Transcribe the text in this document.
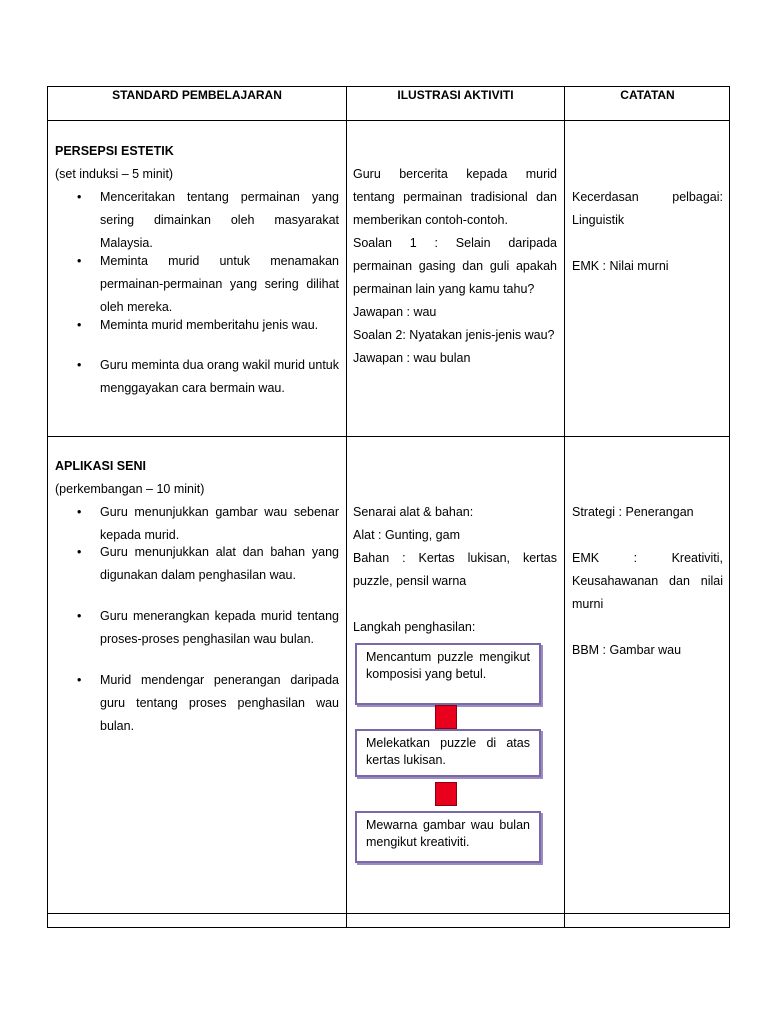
STANDARD PEMBELAJARAN	ILUSTRASI AKTIVITI	CATATAN
PERSEPSI ESTETIK
(set induksi – 5 minit)
• Menceritakan tentang permainan yang sering dimainkan oleh masyarakat Malaysia.
• Meminta murid untuk menamakan permainan-permainan yang sering dilihat oleh mereka.
• Meminta murid memberitahu jenis wau.
• Guru meminta dua orang wakil murid untuk menggayakan cara bermain wau.
Guru bercerita kepada murid tentang permainan tradisional dan memberikan contoh-contoh.
Soalan 1 : Selain daripada permainan gasing dan guli apakah permainan lain yang kamu tahu?
Jawapan : wau
Soalan 2: Nyatakan jenis-jenis wau?
Jawapan : wau bulan
Kecerdasan pelbagai: Linguistik
EMK : Nilai murni
APLIKASI SENI
(perkembangan – 10 minit)
• Guru menunjukkan gambar wau sebenar kepada murid.
• Guru menunjukkan alat dan bahan yang digunakan dalam penghasilan wau.
• Guru menerangkan kepada murid tentang proses-proses penghasilan wau bulan.
• Murid mendengar penerangan daripada guru tentang proses penghasilan wau bulan.
Senarai alat & bahan:
Alat : Gunting, gam
Bahan : Kertas lukisan, kertas puzzle, pensil warna
Langkah penghasilan:
Mencantum puzzle mengikut komposisi yang betul.
Melekatkan puzzle di atas kertas lukisan.
Mewarna gambar wau bulan mengikut kreativiti.
Strategi : Penerangan
EMK : Kreativiti, Keusahawanan dan nilai murni
BBM : Gambar wau
